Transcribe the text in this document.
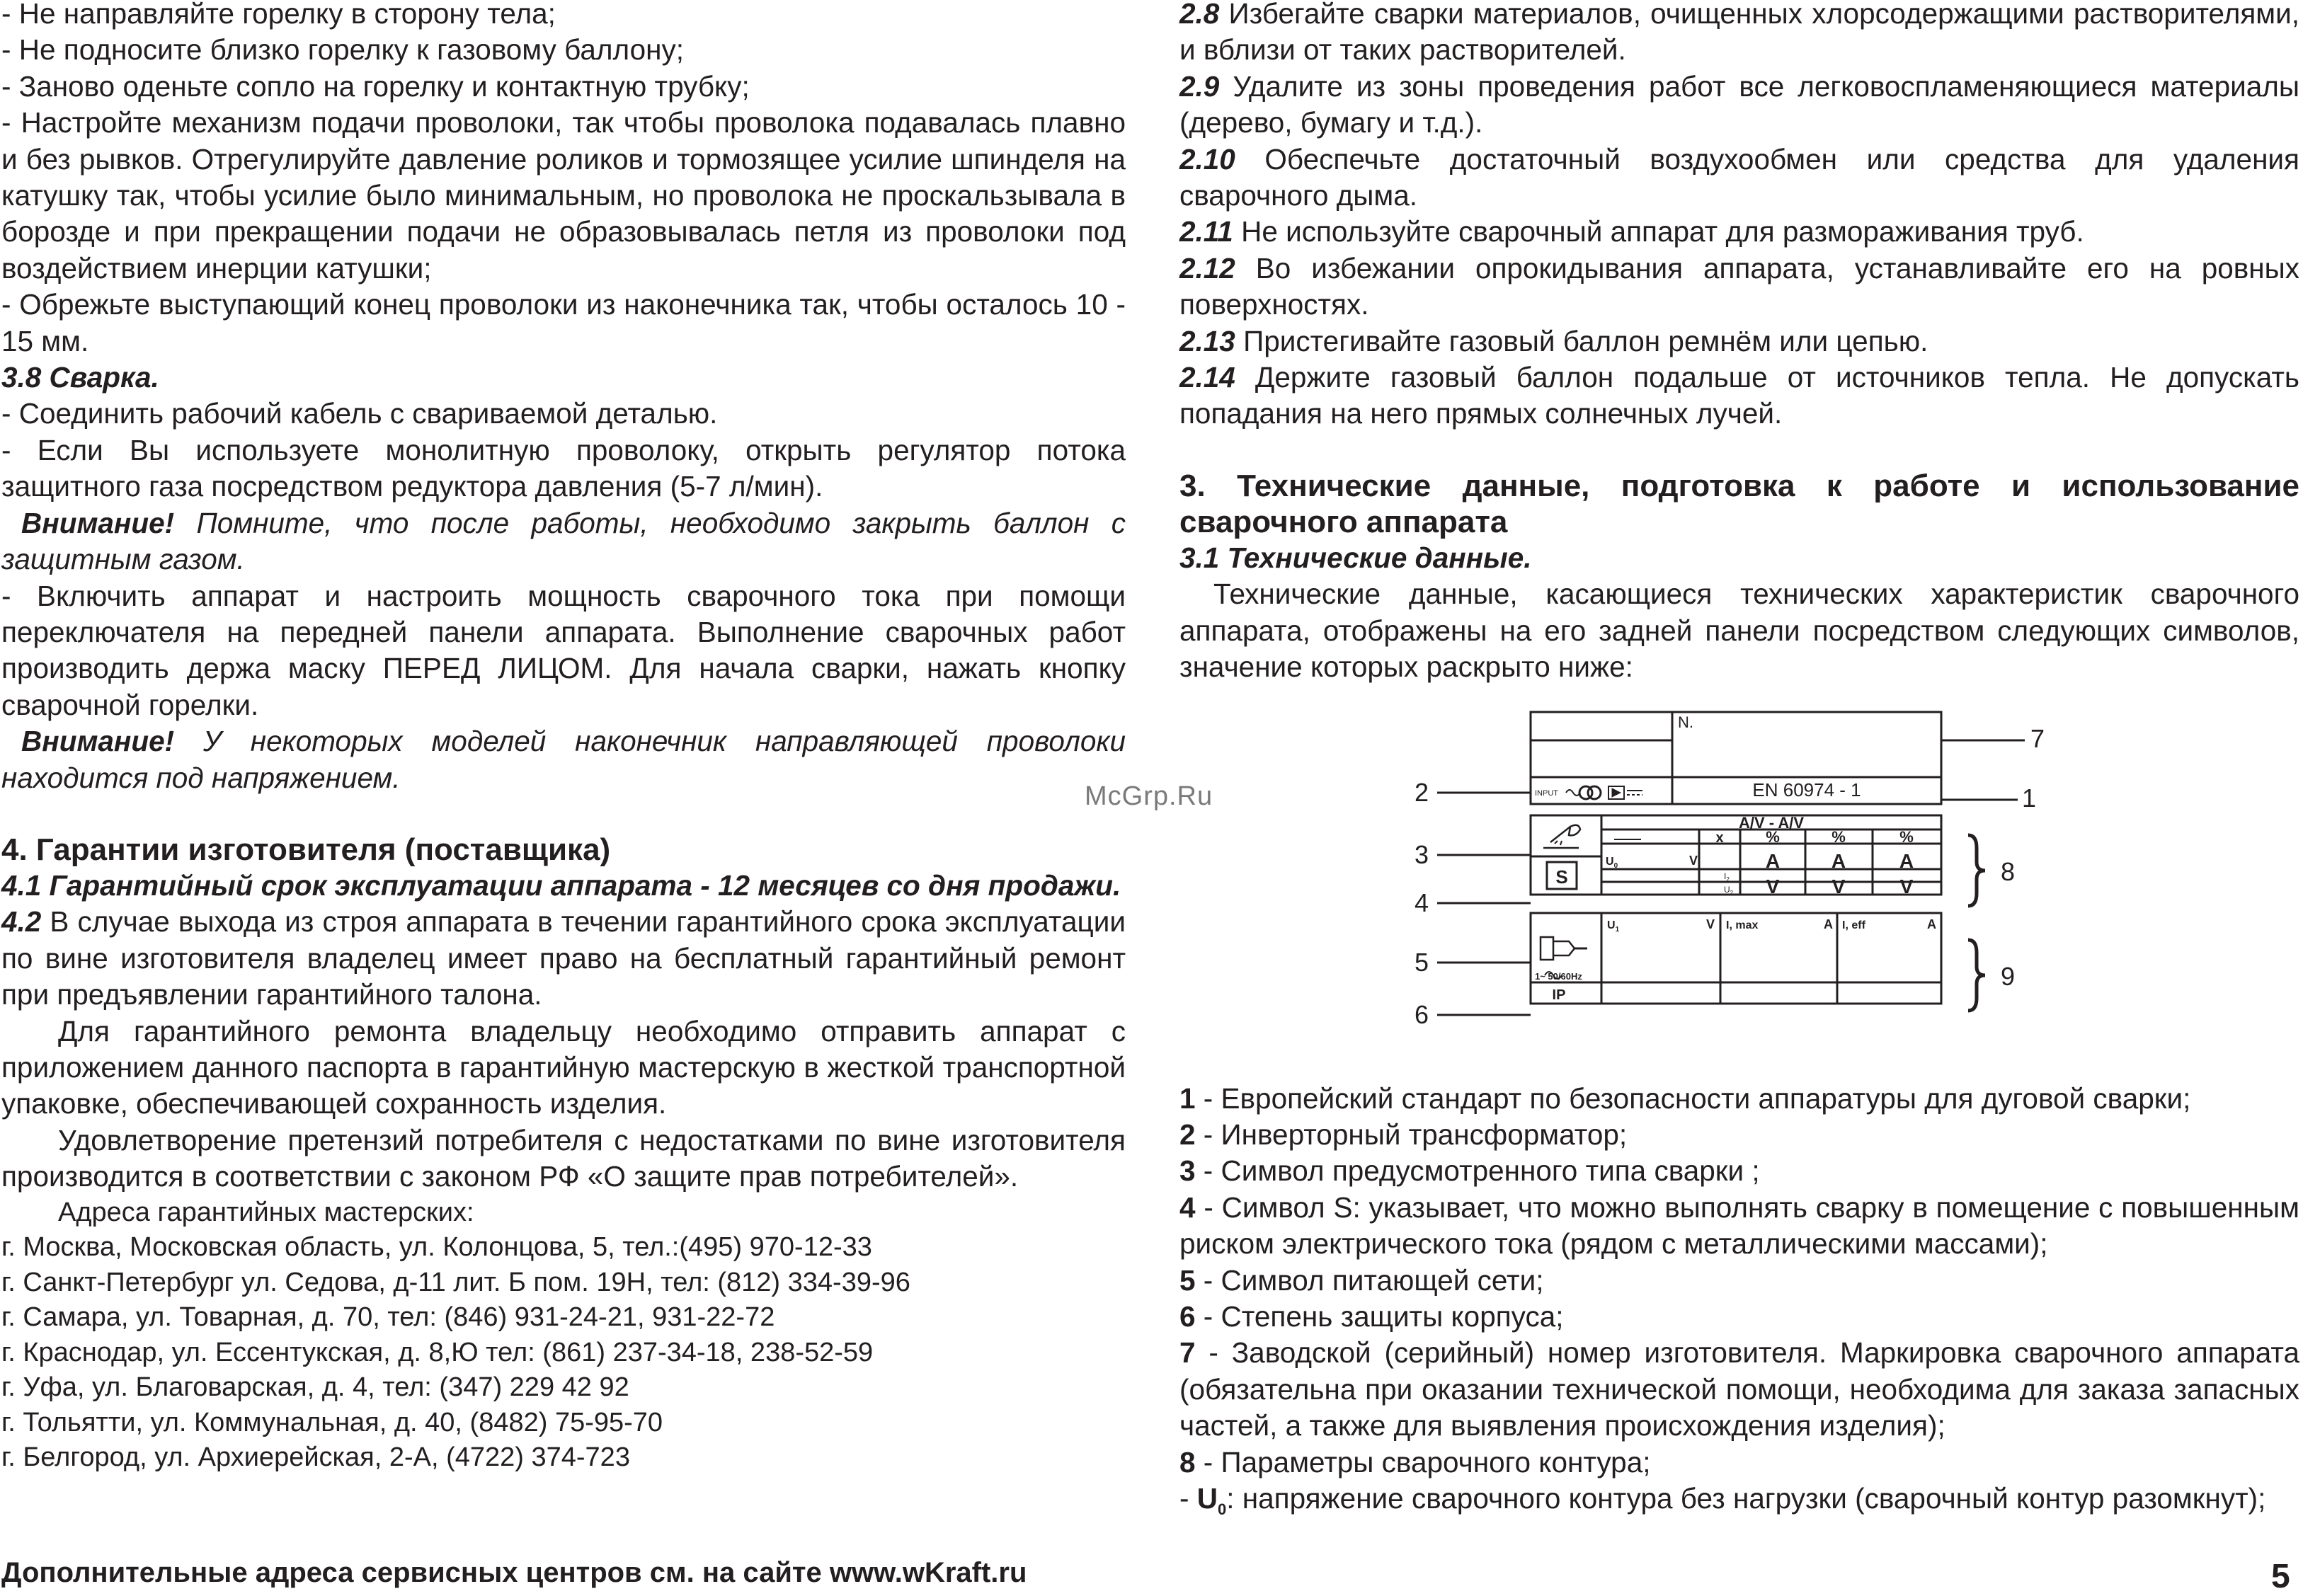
- Не направляйте горелку в сторону тела;

- Не подносите близко горелку к газовому баллону;

- Заново оденьте сопло на горелку и контактную трубку;

- Настройте механизм подачи проволоки, так чтобы проволока подавалась плавно и без рывков. Отрегулируйте давление роликов и тормозящее усилие шпинделя на катушку так, чтобы усилие было минимальным, но проволока не проскальзывала в борозде и при прекращении подачи не образовывалась петля из проволоки под воздействием инерции катушки;

- Обрежьте выступающий конец проволоки из наконечника так, чтобы осталось 10 - 15 мм.

3.8 Сварка.

- Соединить рабочий кабель с свариваемой деталью.

- Если Вы используете монолитную проволоку, открыть регулятор потока защитного газа посредством редуктора давления (5-7 л/мин).

Внимание! Помните, что после работы, необходимо закрыть баллон с защитным газом.

- Включить аппарат и настроить мощность сварочного тока при помощи переключателя на передней панели аппарата. Выполнение сварочных работ производить держа маску ПЕРЕД ЛИЦОМ. Для начала сварки, нажать кнопку сварочной горелки.

Внимание! У некоторых моделей наконечник направляющей проволоки находится под напряжением.

4. Гарантии изготовителя (поставщика)

4.1 Гарантийный срок эксплуатации аппарата - 12 месяцев со дня продажи.

4.2 В случае выхода из строя аппарата в течении гарантийного срока эксплуатации по вине изготовителя владелец имеет право на бесплатный гарантийный ремонт при предъявлении гарантийного талона.

Для гарантийного ремонта владельцу необходимо отправить аппарат с приложением данного паспорта в гарантийную мастерскую в жесткой транспортной упаковке, обеспечивающей сохранность изделия.

Удовлетворение претензий потребителя с недостатками по вине изготовителя производится в соответствии с законом РФ «О защите прав потребителей».

Адреса гарантийных мастерских:

г. Москва, Московская область, ул. Колонцова, 5, тел.:(495) 970-12-33

г. Санкт-Петербург ул. Седова, д-11 лит. Б пом. 19Н, тел: (812) 334-39-96

г. Самара, ул. Товарная, д. 70, тел: (846) 931-24-21, 931-22-72

г. Краснодар, ул. Ессентукская, д. 8,Ю тел: (861) 237-34-18, 238-52-59

г. Уфа, ул. Благоварская, д. 4, тел: (347) 229 42 92

г. Тольятти, ул. Коммунальная, д. 40, (8482) 75-95-70

г. Белгород, ул. Архиерейская, 2-А, (4722) 374-723

Дополнительные адреса сервисных центров см. на сайте www.wKraft.ru
McGrp.Ru
5

2.8 Избегайте сварки материалов, очищенных хлорсодержащими растворителями, и вблизи от таких растворителей.

2.9 Удалите из зоны проведения работ все легковоспламеняющиеся материалы (дерево, бумагу и т.д.).

2.10 Обеспечьте достаточный воздухообмен или средства для удаления сварочного дыма.

2.11 Не используйте сварочный аппарат для размораживания труб.

2.12 Во избежании опрокидывания аппарата, устанавливайте его на ровных поверхностях.

2.13 Пристегивайте газовый баллон ремнём или цепью.

2.14 Держите газовый баллон подальше от источников тепла. Не допускать попадания на него прямых солнечных лучей.

3. Технические данные, подготовка к работе и использование сварочного аппарата

3.1 Технические данные.

Технические данные, касающиеся технических характеристик сварочного аппарата, отображены на его задней панели посредством следующих символов, значение которых раскрыто ниже:

1 - Европейский стандарт по безопасности аппаратуры для дуговой сварки;

2 - Инверторный трансформатор;

3 - Символ предусмотренного типа сварки ;

4 - Символ S: указывает, что можно выполнять сварку в помещение с повышенным риском электрического тока (рядом с металлическими массами);

5 - Символ питающей сети;

6 - Степень защиты корпуса;

7 - Заводской (серийный) номер изготовителя. Маркировка сварочного аппарата (обязательна при оказании технической помощи, необходима для заказа запасных частей, а также для выявления происхождения изделия);

8 - Параметры сварочного контура;

- $U_0$: напряжение сварочного контура без нагрузки (сварочный контур разомкнут);

N.
EN 60974 - 1
INPUT
A/V - A/V
x	%	%	%
A	A	A
V	V	V
S
$U_0$	V
$I_2$
$U_2$
$U_1$	V I, max	A I, eff	A
1~ 50/60Hz
IP
7
1
2
3
4
5
6
8
9
